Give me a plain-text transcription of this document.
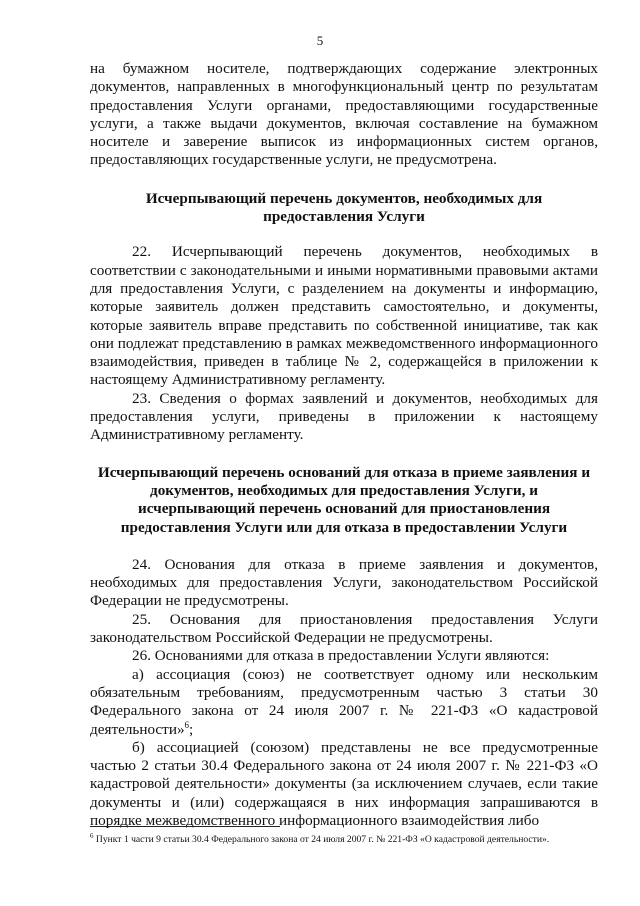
5

на бумажном носителе, подтверждающих содержание электронных документов, направленных в многофункциональный центр по результатам предоставления Услуги органами, предоставляющими государственные услуги, а также выдачи документов, включая составление на бумажном носителе и заверение выписок из информационных систем органов, предоставляющих государственные услуги, не предусмотрена.

Исчерпывающий перечень документов, необходимых для предоставления Услуги

22. Исчерпывающий перечень документов, необходимых в соответствии с законодательными и иными нормативными правовыми актами для предоставления Услуги, с разделением на документы и информацию, которые заявитель должен представить самостоятельно, и документы, которые заявитель вправе представить по собственной инициативе, так как они подлежат представлению в рамках межведомственного информационного взаимодействия, приведен в таблице № 2, содержащейся в приложении к настоящему Административному регламенту.

23. Сведения о формах заявлений и документов, необходимых для предоставления услуги, приведены в приложении к настоящему Административному регламенту.

Исчерпывающий перечень оснований для отказа в приеме заявления и документов, необходимых для предоставления Услуги, и исчерпывающий перечень оснований для приостановления предоставления Услуги или для отказа в предоставлении Услуги

24. Основания для отказа в приеме заявления и документов, необходимых для предоставления Услуги, законодательством Российской Федерации не предусмотрены.

25. Основания для приостановления предоставления Услуги законодательством Российской Федерации не предусмотрены.

26. Основаниями для отказа в предоставлении Услуги являются:

а) ассоциация (союз) не соответствует одному или нескольким обязательным требованиям, предусмотренным частью 3 статьи 30 Федерального закона от 24 июля 2007 г. № 221-ФЗ «О кадастровой деятельности»$^6$;

б) ассоциацией (союзом) представлены не все предусмотренные частью 2 статьи 30.4 Федерального закона от 24 июля 2007 г. № 221-ФЗ «О кадастровой деятельности» документы (за исключением случаев, если такие документы и (или) содержащаяся в них информация запрашиваются в порядке межведомственного информационного взаимодействия либо

$^6$ Пункт 1 части 9 статьи 30.4 Федерального закона от 24 июля 2007 г. № 221-ФЗ «О кадастровой деятельности».
